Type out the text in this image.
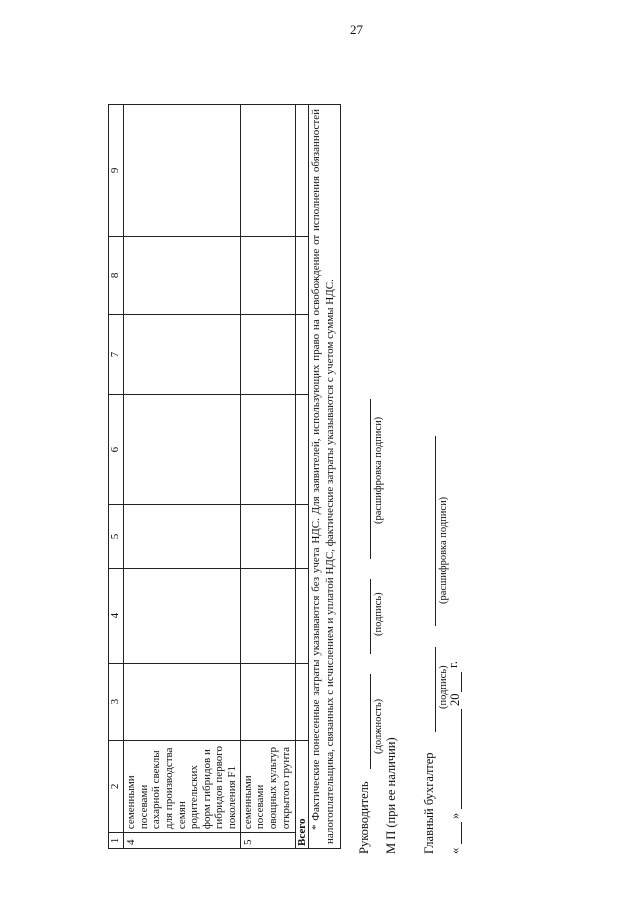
27
1	2	3	4	5	6	7	8	9
4	семенными посевами сахарной свеклы для производства семян родительских форм гибридов и гибридов первого поколения F1							
5	семенными посевами овощных культур открытого грунта							
Всего								
* Фактические понесенные затраты указываются без учета НДС. Для заявителей, использующих право на освобождение от исполнения обязанностей налогоплательщика, связанных с исчислением и уплатой НДС, фактические затраты указываются с учетом суммы НДС.								Руководитель
(должность)
(подпись)
(расшифровка подписи)
М П (при ее наличии) Главный бухгалтер
(подпись)
(расшифровка подписи)
«
»
20
г.
